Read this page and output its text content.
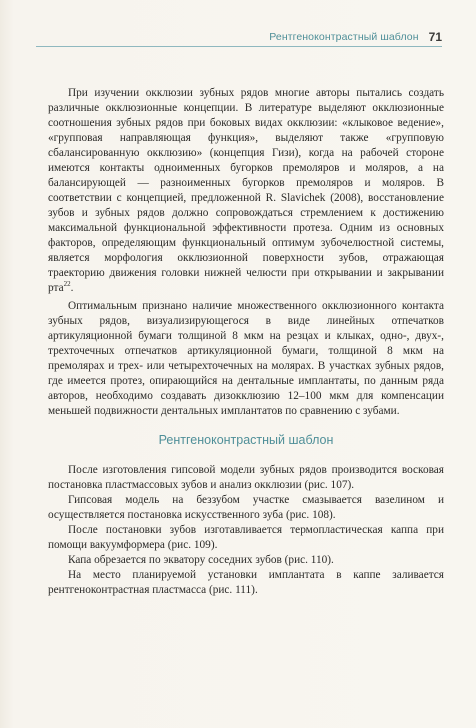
Рентгеноконтрастный шаблон 71

При изучении окклюзии зубных рядов многие авторы пытались создать различные окклюзионные концепции. В литературе выделяют окклюзионные соотношения зубных рядов при боковых видах окклюзии: «клыковое ведение», «групповая направляющая функция», выделяют также «групповую сбалансированную окклюзию» (концепция Гизи), когда на рабочей стороне имеются контакты одноименных бугорков премоляров и моляров, а на балансирующей — разноименных бугорков премоляров и моляров. В соответствии с концепцией, предложенной R. Slavichek (2008), восстановление зубов и зубных рядов должно сопровождаться стремлением к достижению максимальной функциональной эффективности протеза. Одним из основных факторов, определяющим функциональный оптимум зубочелюстной системы, является морфология окклюзионной поверхности зубов, отражающая траекторию движения головки нижней челюсти при открывании и закрывании рта$^{22}$.

Оптимальным признано наличие множественного окклюзионного контакта зубных рядов, визуализирующегося в виде линейных отпечатков артикуляционной бумаги толщиной 8 мкм на резцах и клыках, одно-, двух-, трехточечных отпечатков артикуляционной бумаги, толщиной 8 мкм на премолярах и трех- или четырехточечных на молярах. В участках зубных рядов, где имеется протез, опирающийся на дентальные имплантаты, по данным ряда авторов, необходимо создавать дизокклюзию 12–100 мкм для компенсации меньшей подвижности дентальных имплантатов по сравнению с зубами.

Рентгеноконтрастный шаблон

После изготовления гипсовой модели зубных рядов производится восковая постановка пластмассовых зубов и анализ окклюзии (рис. 107).

Гипсовая модель на беззубом участке смазывается вазелином и осуществляется постановка искусственного зуба (рис. 108).

После постановки зубов изготавливается термопластическая каппа при помощи вакуумформера (рис. 109).

Капа обрезается по экватору соседних зубов (рис. 110).

На место планируемой установки имплантата в каппе заливается рентгеноконтрастная пластмасса (рис. 111).
